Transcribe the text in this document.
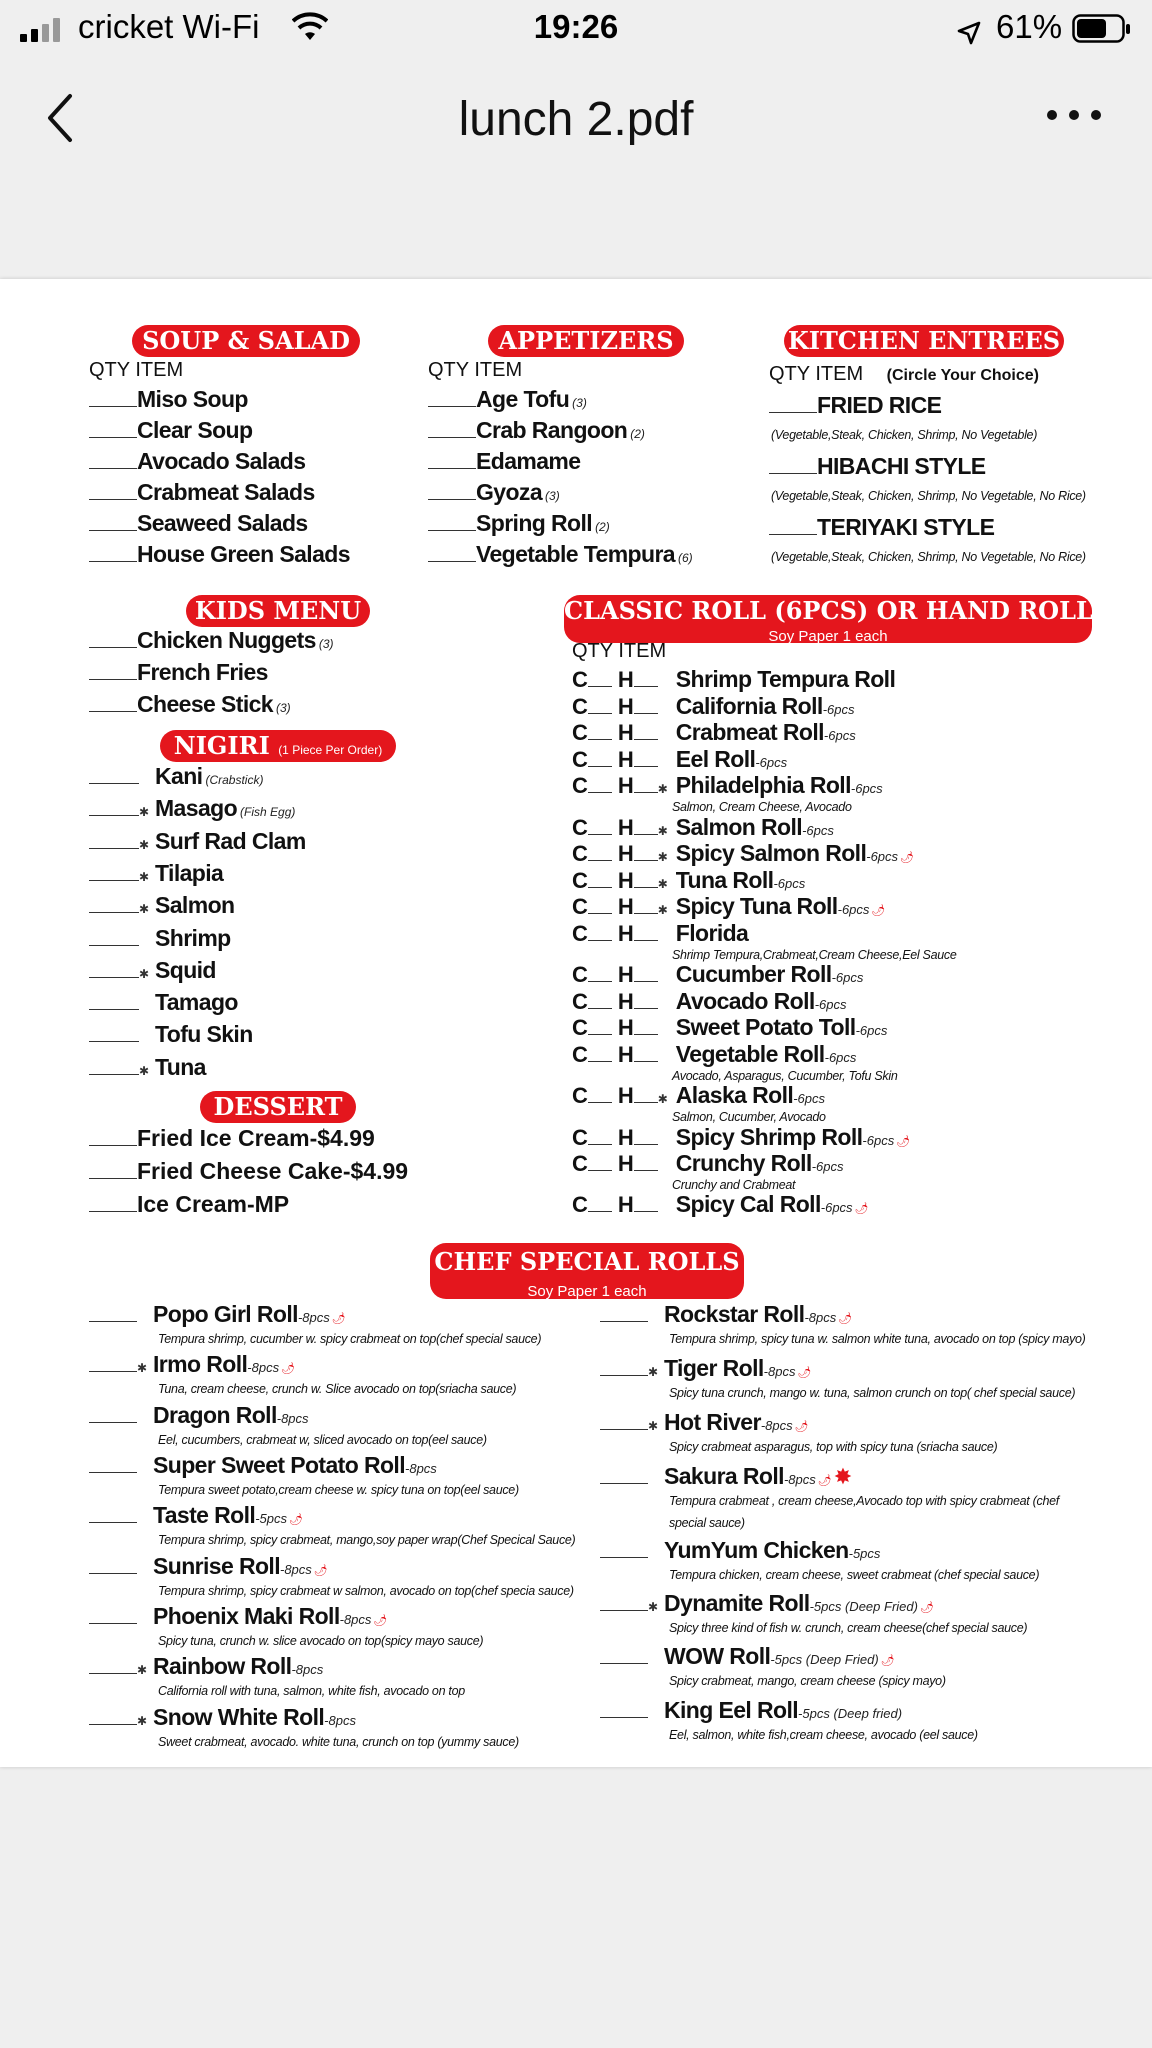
cricket Wi-Fi	19:26	61%
lunch 2.pdf
SOUP & SALAD
QTY ITEM
APPETIZERS
QTY ITEM
KITCHEN ENTREES
QTY ITEM (Circle Your Choice)
KIDS MENU
NIGIRI (1 Piece Per Order)
DESSERT
CLASSIC ROLL (6PCS) OR HAND ROLL
Soy Paper 1 each
QTY ITEM
CHEF SPECIAL ROLLS
Soy Paper 1 each
Miso Soup
Clear Soup
Avocado Salads
Crabmeat Salads
Seaweed Salads
House Green Salads
Age Tofu (3)
Crab Rangoon (2)
Edamame
Gyoza (3)
Spring Roll (2)
Vegetable Tempura (6)
FRIED RICE
(Vegetable,Steak, Chicken, Shrimp, No Vegetable)
HIBACHI STYLE
(Vegetable,Steak, Chicken, Shrimp, No Vegetable, No Rice)
TERIYAKI STYLE
(Vegetable,Steak, Chicken, Shrimp, No Vegetable, No Rice)
Chicken Nuggets (3)
French Fries
Cheese Stick (3)
Kani (Crabstick)
✱ Masago (Fish Egg)
✱ Surf Rad Clam
✱ Tilapia
✱ Salmon
Shrimp
✱ Squid
Tamago
Tofu Skin
✱ Tuna
Fried Ice Cream-$4.99
Fried Cheese Cake-$4.99
Ice Cream-MP
C H Shrimp Tempura Roll
C H California Roll-6pcs
C H Crabmeat Roll-6pcs
C H Eel Roll-6pcs
C H ✱ Philadelphia Roll-6pcs
Salmon, Cream Cheese, Avocado
C H ✱ Salmon Roll-6pcs
C H ✱ Spicy Salmon Roll-6pcs 🌶
C H ✱ Tuna Roll-6pcs
C H ✱ Spicy Tuna Roll-6pcs 🌶
C H Florida
Shrimp Tempura,Crabmeat,Cream Cheese,Eel Sauce
C H Cucumber Roll-6pcs
C H Avocado Roll-6pcs
C H Sweet Potato Toll-6pcs
C H Vegetable Roll-6pcs
Avocado, Asparagus, Cucumber, Tofu Skin
C H ✱ Alaska Roll-6pcs
Salmon, Cucumber, Avocado
C H Spicy Shrimp Roll-6pcs 🌶
C H Crunchy Roll-6pcs
Crunchy and Crabmeat
C H Spicy Cal Roll-6pcs 🌶
Popo Girl Roll-8pcs 🌶
Tempura shrimp, cucumber w. spicy crabmeat on top(chef special sauce)
✱ Irmo Roll-8pcs 🌶
Tuna, cream cheese, crunch w. Slice avocado on top(sriacha sauce)
Dragon Roll-8pcs
Eel, cucumbers, crabmeat w, sliced avocado on top(eel sauce)
Super Sweet Potato Roll-8pcs
Tempura sweet potato,cream cheese w. spicy tuna on top(eel sauce)
Taste Roll-5pcs 🌶
Tempura shrimp, spicy crabmeat, mango,soy paper wrap(Chef Specical Sauce)
Sunrise Roll-8pcs 🌶
Tempura shrimp, spicy crabmeat w salmon, avocado on top(chef specia sauce)
Phoenix Maki Roll-8pcs 🌶
Spicy tuna, crunch w. slice avocado on top(spicy mayo sauce)
✱ Rainbow Roll-8pcs
California roll with tuna, salmon, white fish, avocado on top
✱ Snow White Roll-8pcs
Sweet crabmeat, avocado. white tuna, crunch on top (yummy sauce)
Rockstar Roll-8pcs 🌶
Tempura shrimp, spicy tuna w. salmon white tuna, avocado on top (spicy mayo)
✱ Tiger Roll-8pcs 🌶
Spicy tuna crunch, mango w. tuna, salmon crunch on top( chef special sauce)
✱ Hot River-8pcs 🌶
Spicy crabmeat asparagus, top with spicy tuna (sriacha sauce)
Sakura Roll-8pcs 🌶✸
Tempura crabmeat , cream cheese,Avocado top with spicy crabmeat (chef
special sauce)
YumYum Chicken-5pcs
Tempura chicken, cream cheese, sweet crabmeat (chef special sauce)
✱ Dynamite Roll-5pcs (Deep Fried) 🌶
Spicy three kind of fish w. crunch, cream cheese(chef special sauce)
WOW Roll-5pcs (Deep Fried) 🌶
Spicy crabmeat, mango, cream cheese (spicy mayo)
King Eel Roll-5pcs (Deep fried)
Eel, salmon, white fish,cream cheese, avocado (eel sauce)
